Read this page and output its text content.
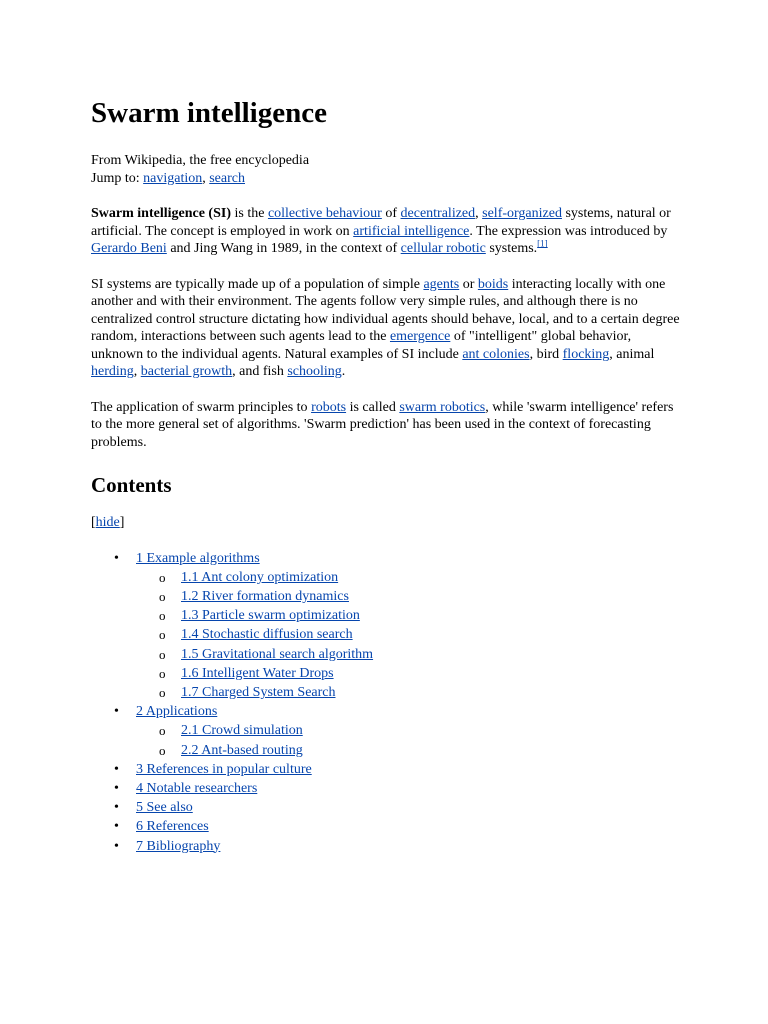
Swarm intelligence
From Wikipedia, the free encyclopedia
Jump to: navigation, search

Swarm intelligence (SI) is the collective behaviour of decentralized, self-organized systems, natural or artificial. The concept is employed in work on artificial intelligence. The expression was introduced by Gerardo Beni and Jing Wang in 1989, in the context of cellular robotic systems.[1]

SI systems are typically made up of a population of simple agents or boids interacting locally with one another and with their environment. The agents follow very simple rules, and although there is no centralized control structure dictating how individual agents should behave, local, and to a certain degree random, interactions between such agents lead to the emergence of "intelligent" global behavior, unknown to the individual agents. Natural examples of SI include ant colonies, bird flocking, animal herding, bacterial growth, and fish schooling.

The application of swarm principles to robots is called swarm robotics, while 'swarm intelligence' refers to the more general set of algorithms. 'Swarm prediction' has been used in the context of forecasting problems.

Contents
[hide]
• 1 Example algorithms
o 1.1 Ant colony optimization
o 1.2 River formation dynamics
o 1.3 Particle swarm optimization
o 1.4 Stochastic diffusion search
o 1.5 Gravitational search algorithm
o 1.6 Intelligent Water Drops
o 1.7 Charged System Search
• 2 Applications
o 2.1 Crowd simulation
o 2.2 Ant-based routing
• 3 References in popular culture
• 4 Notable researchers
• 5 See also
• 6 References
• 7 Bibliography
